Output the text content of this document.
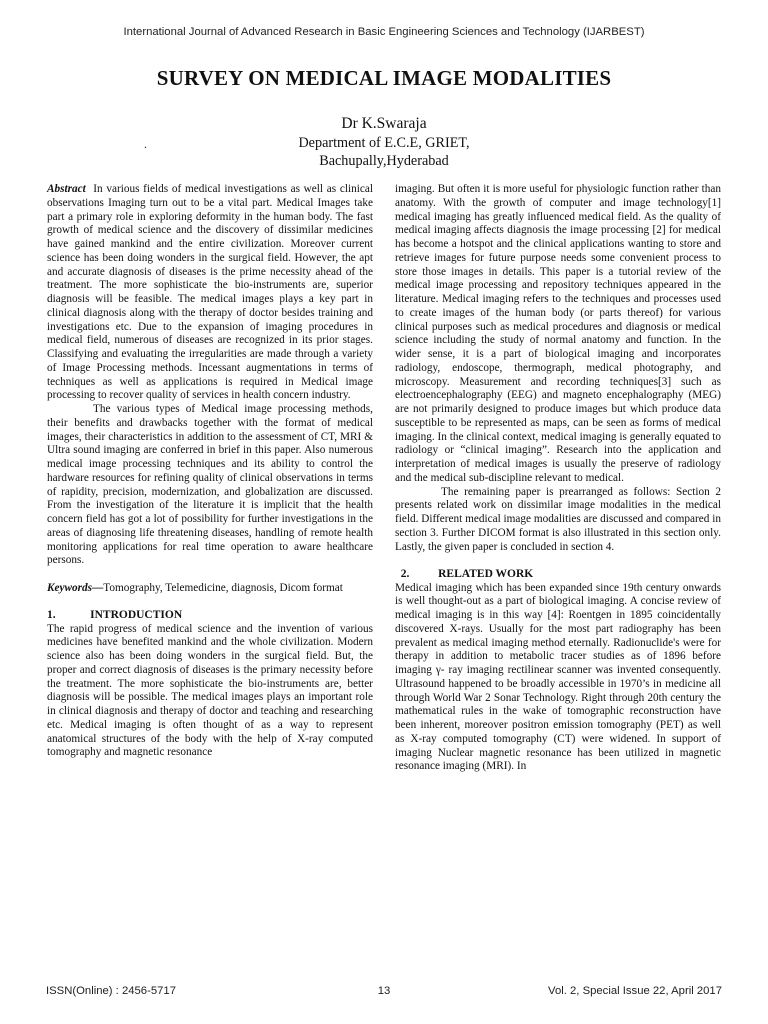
International Journal of Advanced Research in Basic Engineering Sciences and Technology (IJARBEST)
SURVEY ON MEDICAL IMAGE MODALITIES
Dr K.Swaraja
.	Department of E.C.E, GRIET,
Bachupally,Hyderabad

Abstract In various fields of medical investigations as well as clinical observations Imaging turn out to be a vital part. Medical Images take part a primary role in exploring deformity in the human body. The fast growth of medical science and the discovery of dissimilar medicines have gained mankind and the entire civilization. Moreover current science has been doing wonders in the surgical field. However, the apt and accurate diagnosis of diseases is the prime necessity ahead of the treatment. The more sophisticate the bio-instruments are, superior diagnosis will be feasible. The medical images plays a key part in clinical diagnosis along with the therapy of doctor besides training and investigations etc. Due to the expansion of imaging procedures in medical field, numerous of diseases are recognized in its prior stages. Classifying and evaluating the irregularities are made through a variety of Image Processing methods. Incessant augmentations in terms of techniques as well as applications is required in Medical image processing to recover quality of services in health concern industry.

The various types of Medical image processing methods, their benefits and drawbacks together with the format of medical images, their characteristics in addition to the assessment of CT, MRI & Ultra sound imaging are conferred in brief in this paper. Also numerous medical image processing techniques and its ability to control the hardware resources for refining quality of clinical observations in terms of rapidity, precision, modernization, and globalization are discussed. From the investigation of the literature it is implicit that the health concern field has got a lot of possibility for further investigations in the areas of diagnosing life threatening diseases, handling of remote health monitoring applications for real time operation to aware healthcare persons.

Keywords—Tomography, Telemedicine, diagnosis, Dicom format

1.	INTRODUCTION

The rapid progress of medical science and the invention of various medicines have benefited mankind and the whole civilization. Modern science also has been doing wonders in the surgical field. But, the proper and correct diagnosis of diseases is the primary necessity before the treatment. The more sophisticate the bio-instruments are, better diagnosis will be possible. The medical images plays an important role in clinical diagnosis and therapy of doctor and teaching and researching etc. Medical imaging is often thought of as a way to represent anatomical structures of the body with the help of X-ray computed tomography and magnetic resonance

imaging. But often it is more useful for physiologic function rather than anatomy. With the growth of computer and image technology[1] medical imaging has greatly influenced medical field. As the quality of medical imaging affects diagnosis the image processing [2] for medical has become a hotspot and the clinical applications wanting to store and retrieve images for future purpose needs some convenient process to store those images in details. This paper is a tutorial review of the medical image processing and repository techniques appeared in the literature. Medical imaging refers to the techniques and processes used to create images of the human body (or parts thereof) for various clinical purposes such as medical procedures and diagnosis or medical science including the study of normal anatomy and function. In the wider sense, it is a part of biological imaging and incorporates radiology, endoscope, thermograph, medical photography, and microscopy. Measurement and recording techniques[3] such as electroencephalography (EEG) and magneto encephalography (MEG) are not primarily designed to produce images but which produce data susceptible to be represented as maps, can be seen as forms of medical imaging. In the clinical context, medical imaging is generally equated to radiology or “clinical imaging”. Research into the application and interpretation of medical images is usually the preserve of radiology and the medical sub-discipline relevant to medical.

The remaining paper is prearranged as follows: Section 2 presents related work on dissimilar image modalities in the medical field. Different medical image modalities are discussed and compared in section 3. Further DICOM format is also illustrated in this section only. Lastly, the given paper is concluded in section 4.

2.	RELATED WORK

Medical imaging which has been expanded since 19th century onwards is well thought-out as a part of biological imaging. A concise review of medical imaging is in this way [4]: Roentgen in 1895 coincidentally discovered X-rays. Usually for the most part radiography has been prevalent as medical imaging method eternally. Radionuclide's were for therapy in addition to metabolic tracer studies as of 1896 before imaging γ- ray imaging rectilinear scanner was invented consequently. Ultrasound happened to be broadly accessible in 1970’s in medicine all through World War 2 Sonar Technology. Right through 20th century the mathematical rules in the wake of tomographic reconstruction have been inherent, moreover positron emission tomography (PET) as well as X-ray computed tomography (CT) were widened. In support of imaging Nuclear magnetic resonance has been utilized in magnetic resonance imaging (MRI). In

ISSN(Online) : 2456-5717	13	Vol. 2, Special Issue 22, April 2017
